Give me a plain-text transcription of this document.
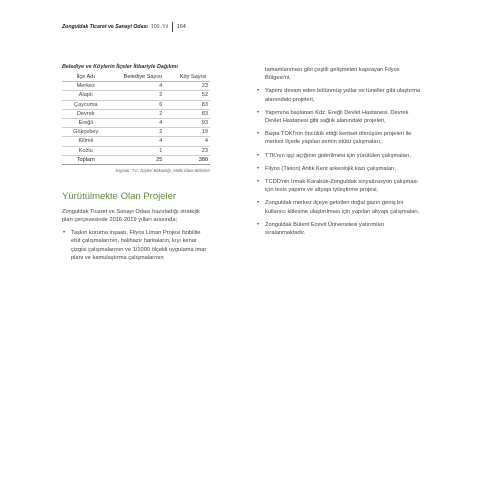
Zonguldak Ticaret ve Sanayi Odası 100. Yıl 164
Belediye ve Köylerin İlçeler İtibariyle Dağılımı
İlçe Adı	Belediye Sayısı	Köy Sayısı
Merkez	4	23
Alaplı	2	52
Çaycuma	6	83
Devrek	2	83
Ereğli	4	93
Gökçebey	2	19
Kilimli	4	4
Kozlu	1	23
Toplam	25	380
Kaynak: T.C. İçişleri Bakanlığı, Mülki İdare Birimleri
Yürütülmekte Olan Projeler

Zonguldak Ticaret ve Sanayi Odası hazırladığı stratejik plan çerçevesinde 2016-2019 yılları arasında;

• Taşkın koruma inşaatı, Filyos Liman Projesi fizibilite etüt çalışmalarının, halihazır haritaların, kıyı kenar çizgisi çalışmalarının ve 1/1000 ölçekli uygulama imar planı ve kamulaştırma çalışmalarının

tamamlanması gibi çeşitli gelişmeleri kapsayan Filyos Bölgesi'ni,

• Yapımı devam eden bölünmüş yollar ve tüneller gibi ulaştırma alanındaki projeleri,
• Yapımına başlanan Kdz. Ereğli Devlet Hastanesi, Devrek Devlet Hastanesi gibi sağlık alanındaki projeleri,
• Başta TOKİ'nin öncülük ettiği kentsel dönüşüm projeleri ile merkez ilçede yapılan zemin etütü çalışmaları,
• TTK'nın işçi açığının giderilmesi için yürütülen çalışmaları,
• Filyos (Tieion) Antik Kent arkeolojik kazı çalışmaları,
• TCDD'nin Irmak-Karabük-Zonguldak sinyalizasyon çalışması için tesis yapımı ve altyapı iyileştirme projesi,
• Zonguldak merkez ilçeye getirilen doğal gazın geniş bir kullanıcı kitlesine ulaştırılması için yapılan altyapı çalışmaları,
• Zonguldak Bülent Ecevit Üniversitesi yatırımları sıralanmaktadır.
